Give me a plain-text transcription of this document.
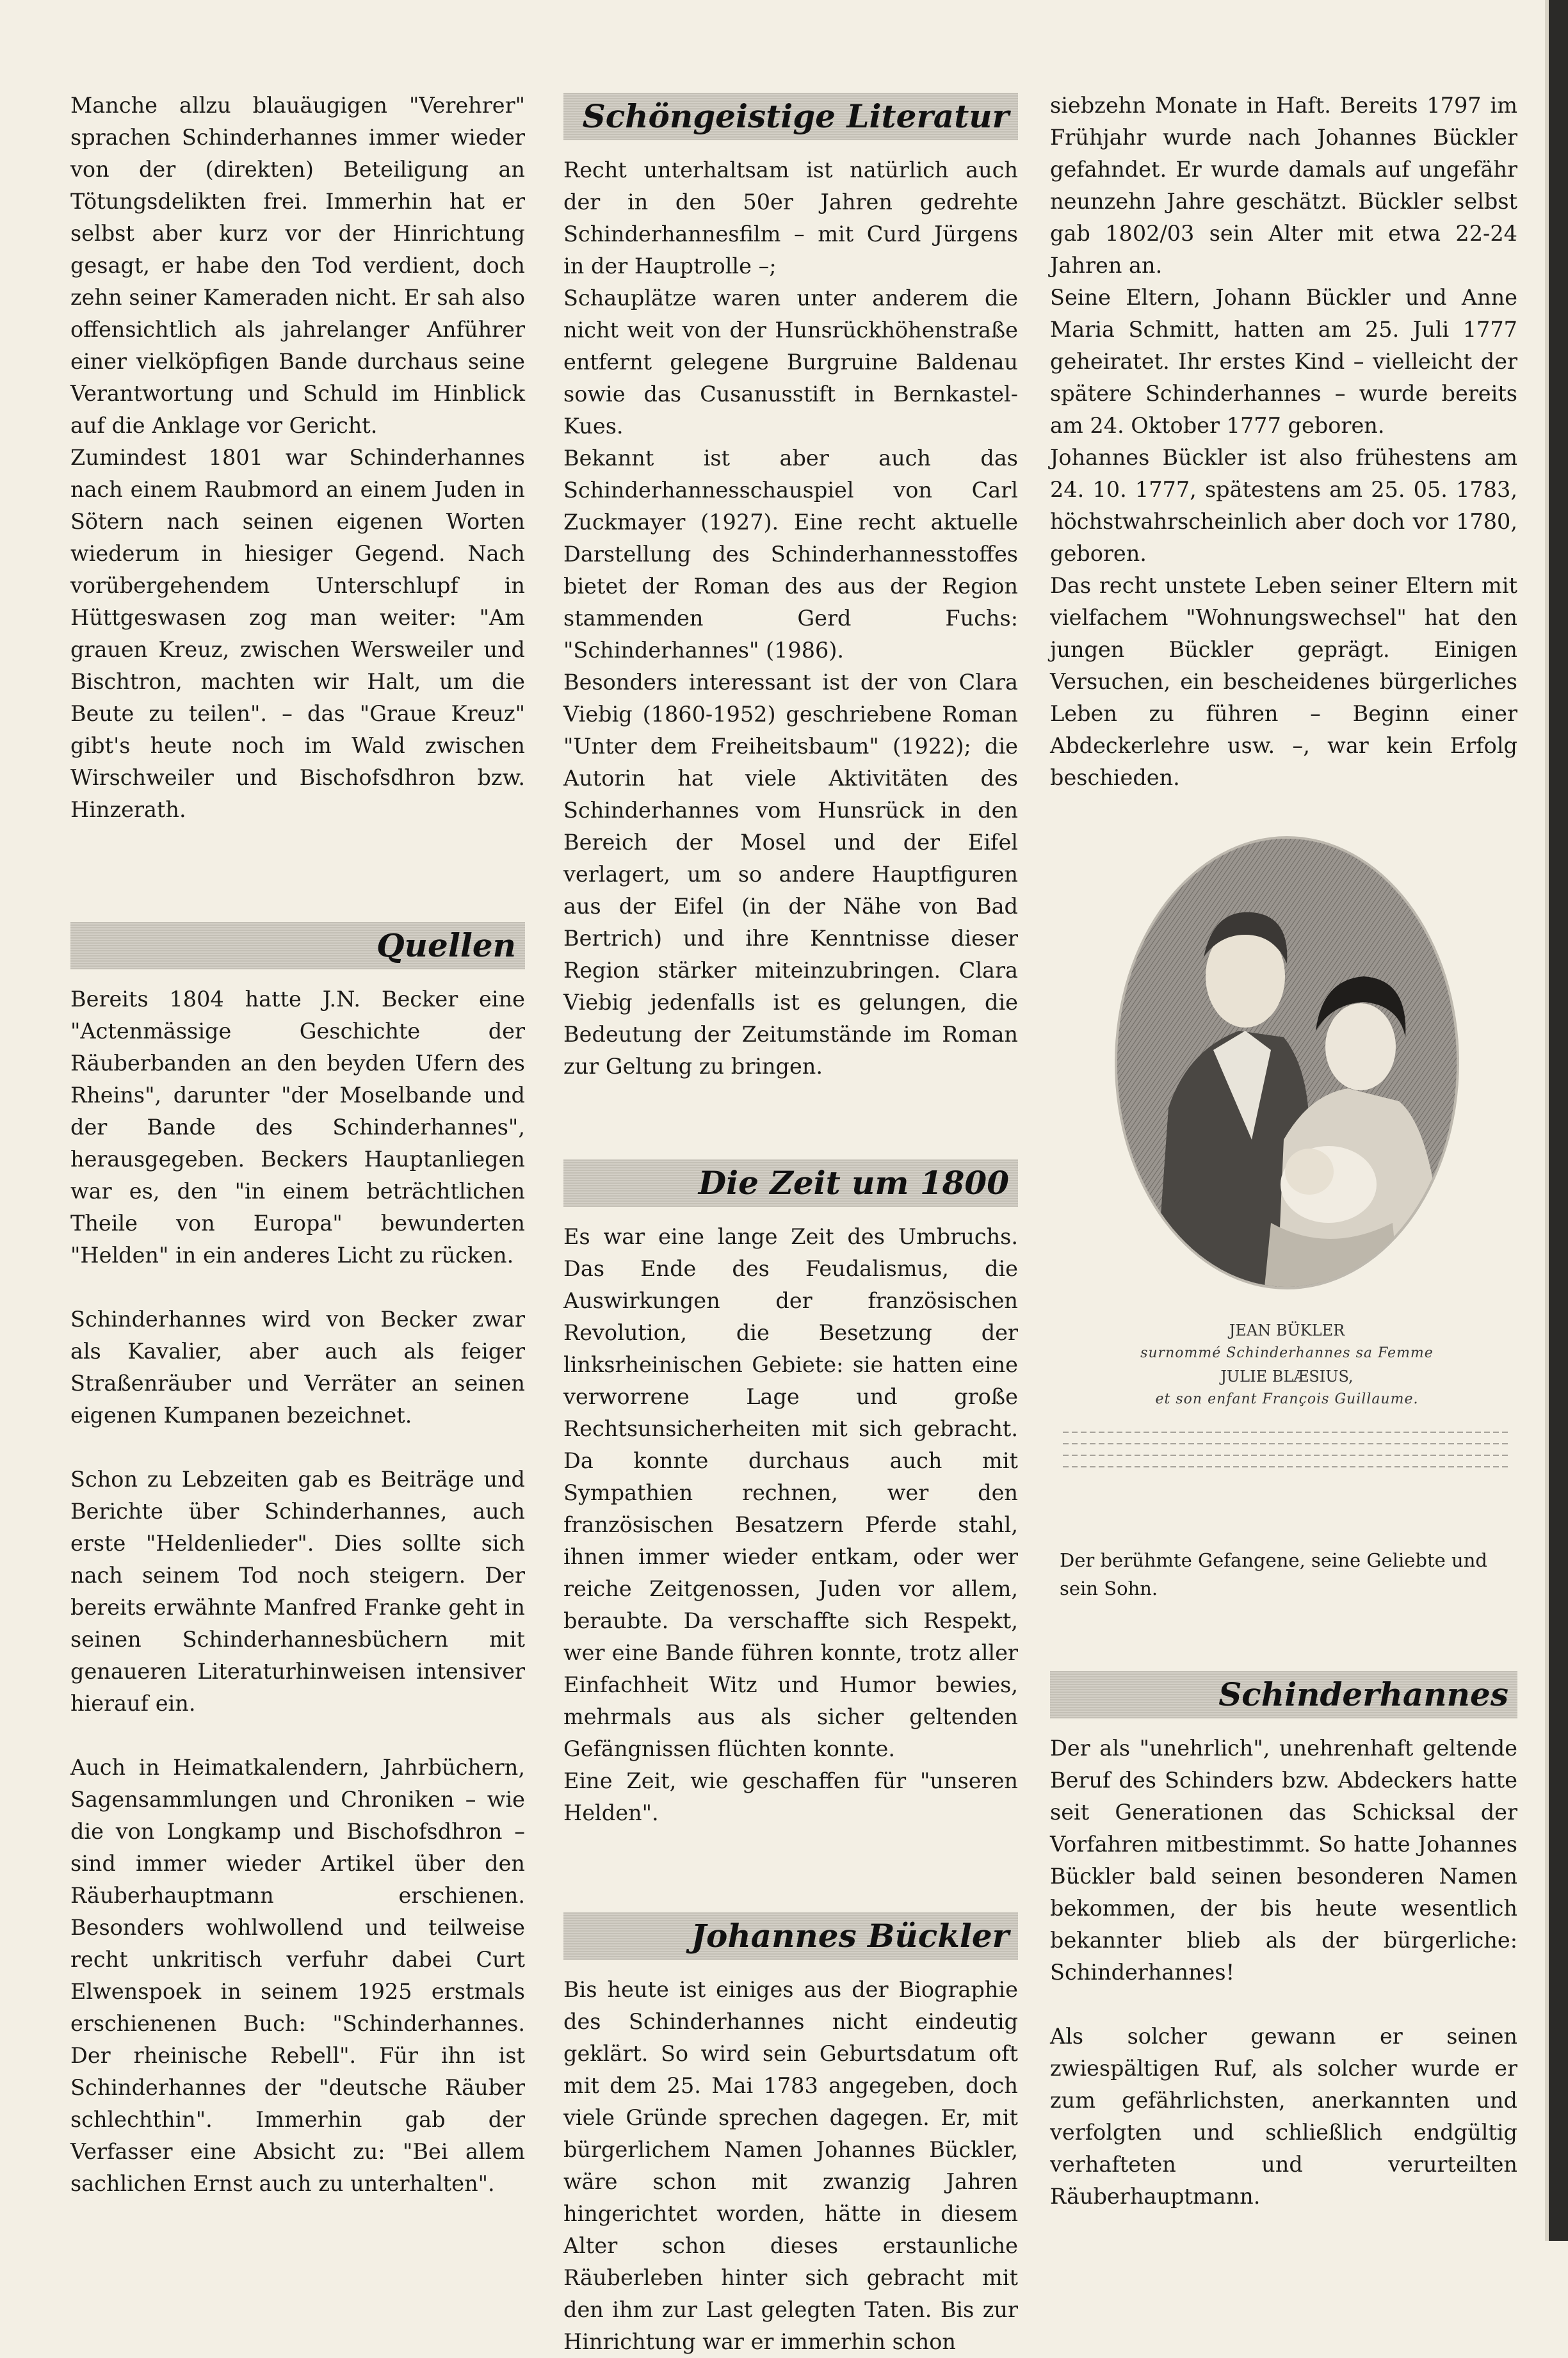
Manche allzu blauäugigen "Verehrer" sprachen Schinderhannes immer wieder von der (direkten) Beteiligung an Tötungsdelikten frei. Immerhin hat er selbst aber kurz vor der Hinrichtung gesagt, er habe den Tod verdient, doch zehn seiner Kameraden nicht. Er sah also offensichtlich als jahrelanger Anführer einer vielköpfigen Bande durchaus seine Verantwortung und Schuld im Hinblick auf die Anklage vor Gericht.

Zumindest 1801 war Schinderhannes nach einem Raubmord an einem Juden in Sötern nach seinen eigenen Worten wiederum in hiesiger Gegend. Nach vorübergehendem Unterschlupf in Hüttgeswasen zog man weiter: "Am grauen Kreuz, zwischen Wersweiler und Bischtron, machten wir Halt, um die Beute zu teilen". – das "Graue Kreuz" gibt's heute noch im Wald zwischen Wirschweiler und Bischofsdhron bzw. Hinzerath.

Quellen

Bereits 1804 hatte J.N. Becker eine "Actenmässige Geschichte der Räuberbanden an den beyden Ufern des Rheins", darunter "der Moselbande und der Bande des Schinderhannes", herausgegeben. Beckers Hauptanliegen war es, den "in einem beträchtlichen Theile von Europa" bewunderten "Helden" in ein anderes Licht zu rücken.

Schinderhannes wird von Becker zwar als Kavalier, aber auch als feiger Straßenräuber und Verräter an seinen eigenen Kumpanen bezeichnet.

Schon zu Lebzeiten gab es Beiträge und Berichte über Schinderhannes, auch erste "Heldenlieder". Dies sollte sich nach seinem Tod noch steigern. Der bereits erwähnte Manfred Franke geht in seinen Schinderhannesbüchern mit genaueren Literaturhinweisen intensiver hierauf ein.

Auch in Heimatkalendern, Jahrbüchern, Sagensammlungen und Chroniken – wie die von Longkamp und Bischofsdhron – sind immer wieder Artikel über den Räuberhauptmann erschienen. Besonders wohlwollend und teilweise recht unkritisch verfuhr dabei Curt Elwenspoek in seinem 1925 erstmals erschienenen Buch: "Schinderhannes. Der rheinische Rebell". Für ihn ist Schinderhannes der "deutsche Räuber schlechthin". Immerhin gab der Verfasser eine Absicht zu: "Bei allem sachlichen Ernst auch zu unterhalten".

Schöngeistige Literatur

Recht unterhaltsam ist natürlich auch der in den 50er Jahren gedrehte Schinderhannesfilm – mit Curd Jürgens in der Hauptrolle –;

Schauplätze waren unter anderem die nicht weit von der Hunsrückhöhenstraße entfernt gelegene Burgruine Baldenau sowie das Cusanusstift in Bernkastel-Kues.

Bekannt ist aber auch das Schinderhannesschauspiel von Carl Zuckmayer (1927). Eine recht aktuelle Darstellung des Schinderhannesstoffes bietet der Roman des aus der Region stammenden Gerd Fuchs: "Schinderhannes" (1986).

Besonders interessant ist der von Clara Viebig (1860-1952) geschriebene Roman "Unter dem Freiheitsbaum" (1922); die Autorin hat viele Aktivitäten des Schinderhannes vom Hunsrück in den Bereich der Mosel und der Eifel verlagert, um so andere Hauptfiguren aus der Eifel (in der Nähe von Bad Bertrich) und ihre Kenntnisse dieser Region stärker miteinzubringen. Clara Viebig jedenfalls ist es gelungen, die Bedeutung der Zeitumstände im Roman zur Geltung zu bringen.

Die Zeit um 1800

Es war eine lange Zeit des Umbruchs. Das Ende des Feudalismus, die Auswirkungen der französischen Revolution, die Besetzung der linksrheinischen Gebiete: sie hatten eine verworrene Lage und große Rechtsunsicherheiten mit sich gebracht. Da konnte durchaus auch mit Sympathien rechnen, wer den französischen Besatzern Pferde stahl, ihnen immer wieder entkam, oder wer reiche Zeitgenossen, Juden vor allem, beraubte. Da verschaffte sich Respekt, wer eine Bande führen konnte, trotz aller Einfachheit Witz und Humor bewies, mehrmals aus als sicher geltenden Gefängnissen flüchten konnte.

Eine Zeit, wie geschaffen für "unseren Helden".

Johannes Bückler

Bis heute ist einiges aus der Biographie des Schinderhannes nicht eindeutig geklärt. So wird sein Geburtsdatum oft mit dem 25. Mai 1783 angegeben, doch viele Gründe sprechen dagegen. Er, mit bürgerlichem Namen Johannes Bückler, wäre schon mit zwanzig Jahren hingerichtet worden, hätte in diesem Alter schon dieses erstaunliche Räuberleben hinter sich gebracht mit den ihm zur Last gelegten Taten. Bis zur Hinrichtung war er immerhin schon

siebzehn Monate in Haft. Bereits 1797 im Frühjahr wurde nach Johannes Bückler gefahndet. Er wurde damals auf ungefähr neunzehn Jahre geschätzt. Bückler selbst gab 1802/03 sein Alter mit etwa 22-24 Jahren an.

Seine Eltern, Johann Bückler und Anne Maria Schmitt, hatten am 25. Juli 1777 geheiratet. Ihr erstes Kind – vielleicht der spätere Schinderhannes – wurde bereits am 24. Oktober 1777 geboren.

Johannes Bückler ist also frühestens am 24. 10. 1777, spätestens am 25. 05. 1783, höchstwahrscheinlich aber doch vor 1780, geboren.

Das recht unstete Leben seiner Eltern mit vielfachem "Wohnungswechsel" hat den jungen Bückler geprägt. Einigen Versuchen, ein bescheidenes bürgerliches Leben zu führen – Beginn einer Abdeckerlehre usw. –, war kein Erfolg beschieden.

JEAN BÜKLER
surnommé Schinderhannes sa Femme
JULIE BLÆSIUS,
et son enfant François Guillaume.
Der berühmte Gefangene, seine Geliebte und sein Sohn.
Schinderhannes

Der als "unehrlich", unehrenhaft geltende Beruf des Schinders bzw. Abdeckers hatte seit Generationen das Schicksal der Vorfahren mitbestimmt. So hatte Johannes Bückler bald seinen besonderen Namen bekommen, der bis heute wesentlich bekannter blieb als der bürgerliche: Schinderhannes!

Als solcher gewann er seinen zwiespältigen Ruf, als solcher wurde er zum gefährlichsten, anerkannten und verfolgten und schließlich endgültig verhafteten und verurteilten Räuberhauptmann.
